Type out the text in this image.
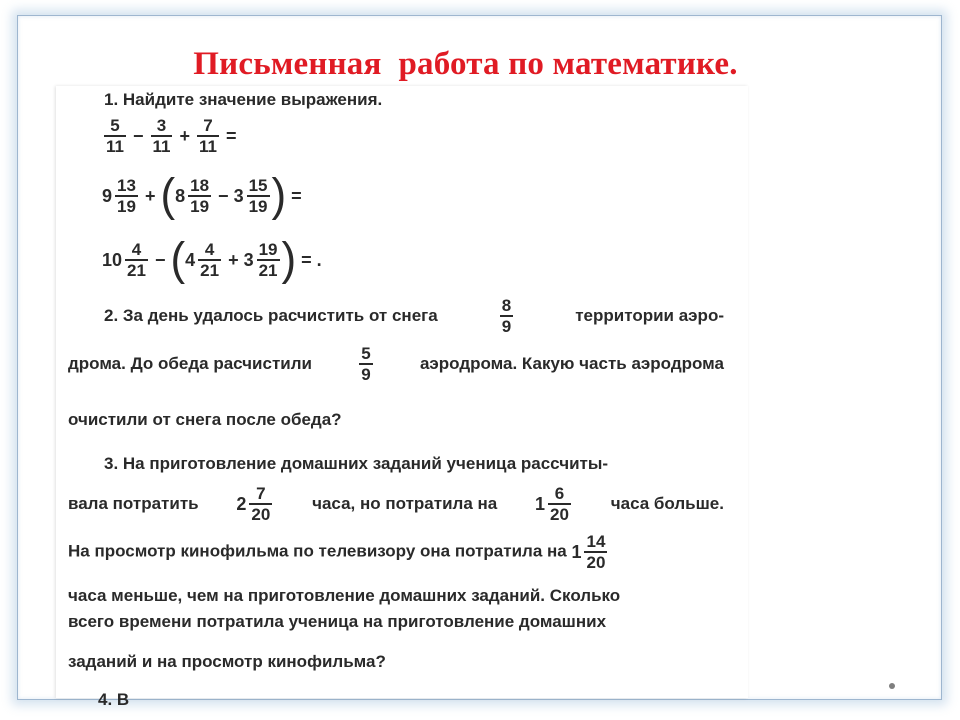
Письменная  работа по математике.
1. Найдите значение выражения.
$\frac{5}{11} - \frac{3}{11} + \frac{7}{11}$ =
$9 \frac{13}{19} + (8 \frac{18}{19} - 3 \frac{15}{19}$ ) =
$10 \frac{4}{21} - (4 \frac{4}{21} + 3 \frac{19}{21}$ ) = .
2. За день удалось расчистить от снега	$\frac{8}{9}$	территории аэро-
дрома. До обеда расчистили	$\frac{5}{9}$	аэродрома. Какую часть аэродрома
очистили от снега после обеда?
3. На приготовление домашних заданий ученица рассчиты-
вала потратить $2 \frac{7}{20}$ часа, но потратила на $1 \frac{6}{20}$ часа больше.
На просмотр кинофильма по телевизору она потратила на $1 \frac{14}{20}$
часа меньше, чем на приготовление домашних заданий. Сколько
всего времени потратила ученица на приготовление домашних
заданий и на просмотр кинофильма?
4. В
